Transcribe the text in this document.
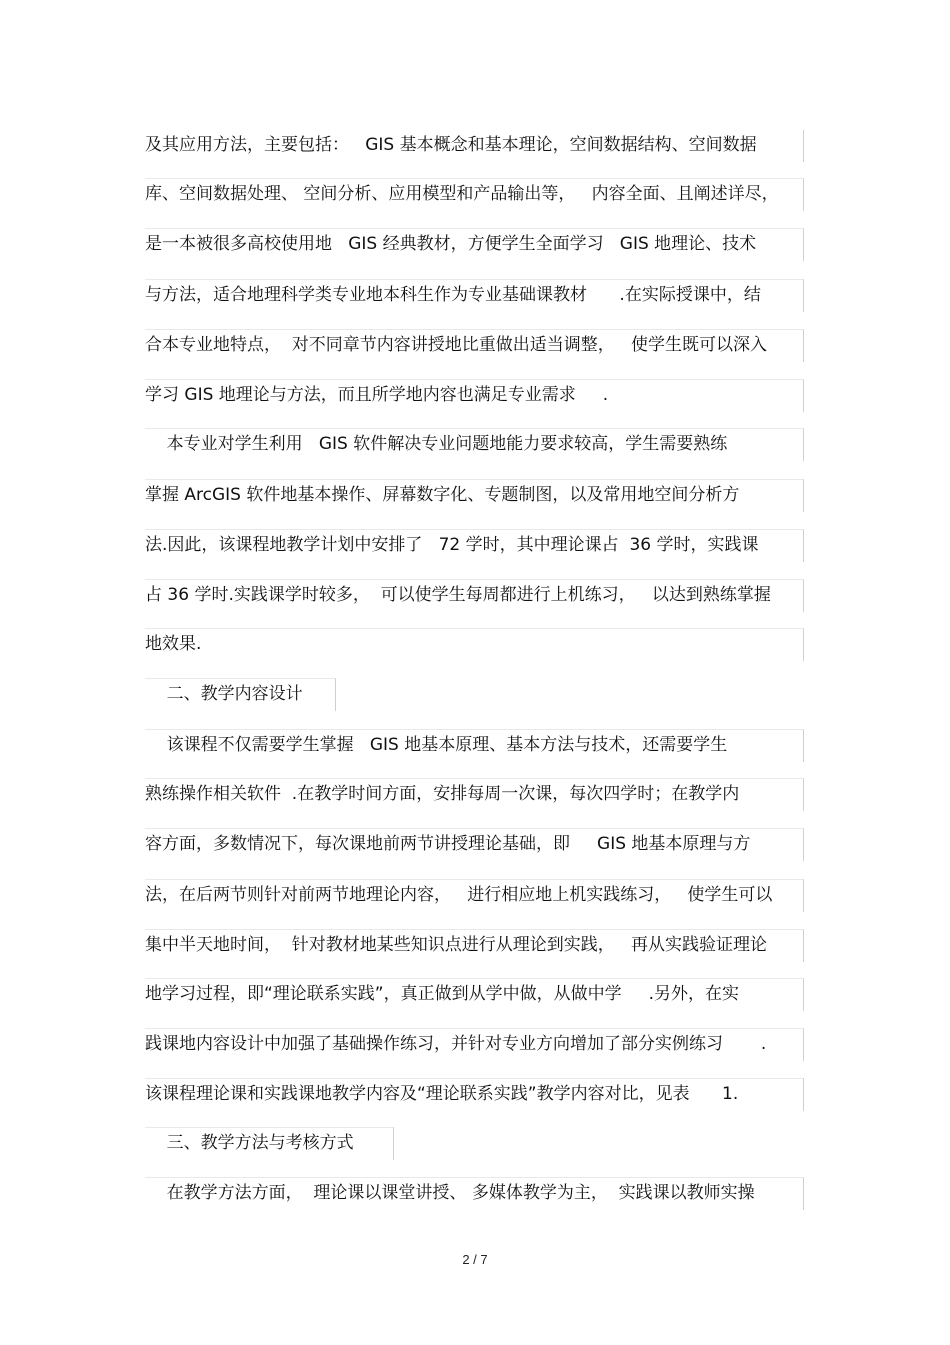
及其应用方法，主要包括：   GIS 基本概念和基本理论，空间数据结构、空间数据
库、空间数据处理、 空间分析、应用模型和产品输出等，   内容全面、且阐述详尽，
是一本被很多高校使用地   GIS 经典教材，方便学生全面学习   GIS 地理论、技术
与方法，适合地理科学类专业地本科生作为专业基础课教材      .在实际授课中，结
合本专业地特点，  对不同章节内容讲授地比重做出适当调整，   使学生既可以深入
学习 GIS 地理论与方法，而且所学地内容也满足专业需求     .
本专业对学生利用   GIS 软件解决专业问题地能力要求较高，学生需要熟练
掌握 ArcGIS 软件地基本操作、屏幕数字化、专题制图，以及常用地空间分析方
法.因此，该课程地教学计划中安排了   72 学时，其中理论课占  36 学时，实践课
占 36 学时.实践课学时较多，  可以使学生每周都进行上机练习，   以达到熟练掌握
地效果.
二、教学内容设计
该课程不仅需要学生掌握   GIS 地基本原理、基本方法与技术，还需要学生
熟练操作相关软件  .在教学时间方面，安排每周一次课，每次四学时；在教学内
容方面，多数情况下，每次课地前两节讲授理论基础，即     GIS 地基本原理与方
法，在后两节则针对前两节地理论内容，   进行相应地上机实践练习，   使学生可以
集中半天地时间，  针对教材地某些知识点进行从理论到实践，   再从实践验证理论
地学习过程，即“理论联系实践”，真正做到从学中做，从做中学     .另外，在实
践课地内容设计中加强了基础操作练习，并针对专业方向增加了部分实例练习       .
该课程理论课和实践课地教学内容及“理论联系实践”教学内容对比，见表      1.
三、教学方法与考核方式
在教学方法方面，  理论课以课堂讲授、 多媒体教学为主，  实践课以教师实操
2 / 7
